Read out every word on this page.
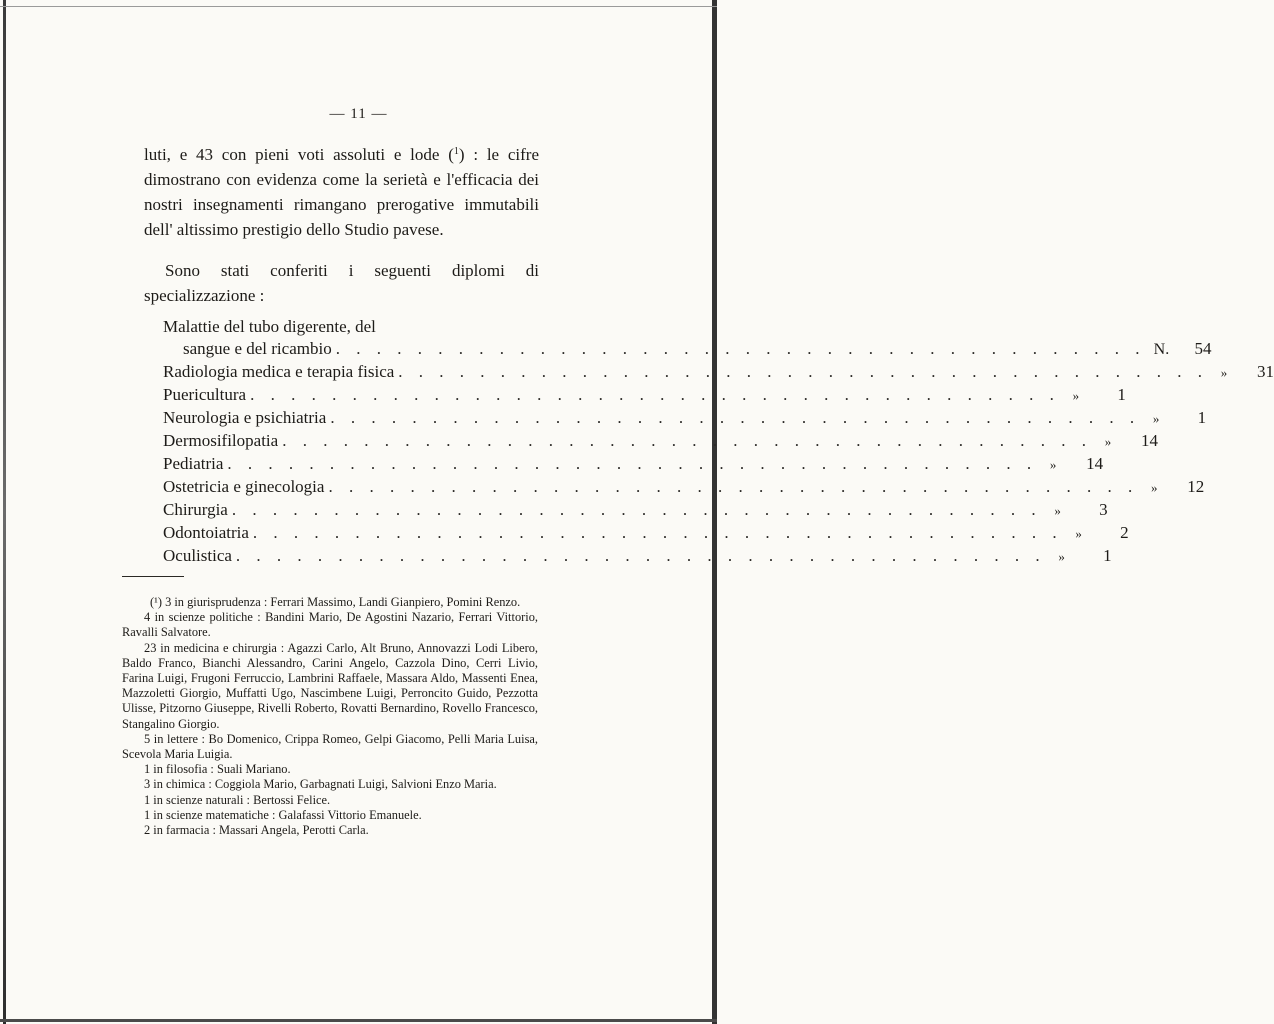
— 11 —

luti, e 43 con pieni voti assoluti e lode ($^1$) : le cifre dimostrano con evidenza come la serietà e l'efficacia dei nostri insegnamenti rimangano prerogative immutabili dell' altissimo prestigio dello Studio pavese.

Sono stati conferiti i seguenti diplomi di specializzazione :

Malattie del tubo digerente, del
sangue e del ricambio . . . . . . . . . . . . . . . . . . . . . . . . . . . . . . . . . . . . . . . . N.	54
Radiologia medica e terapia fisica . . . . . . . . . . . . . . . . . . . . . . . . . . . . . . . . . . . . . . . . »	31
Puericultura . . . . . . . . . . . . . . . . . . . . . . . . . . . . . . . . . . . . . . . . »	1
Neurologia e psichiatria . . . . . . . . . . . . . . . . . . . . . . . . . . . . . . . . . . . . . . . . »	1
Dermosifilopatia . . . . . . . . . . . . . . . . . . . . . . . . . . . . . . . . . . . . . . . . »	14
Pediatria . . . . . . . . . . . . . . . . . . . . . . . . . . . . . . . . . . . . . . . . »	14
Ostetricia e ginecologia . . . . . . . . . . . . . . . . . . . . . . . . . . . . . . . . . . . . . . . . »	12
Chirurgia . . . . . . . . . . . . . . . . . . . . . . . . . . . . . . . . . . . . . . . . »	3
Odontoiatria . . . . . . . . . . . . . . . . . . . . . . . . . . . . . . . . . . . . . . . . »	2
Oculistica . . . . . . . . . . . . . . . . . . . . . . . . . . . . . . . . . . . . . . . . »	1

(¹) 3 in giurisprudenza : Ferrari Massimo, Landi Gianpiero, Pomini Renzo.

4 in scienze politiche : Bandini Mario, De Agostini Nazario, Ferrari Vittorio, Ravalli Salvatore.

23 in medicina e chirurgia : Agazzi Carlo, Alt Bruno, Annovazzi Lodi Libero, Baldo Franco, Bianchi Alessandro, Carini Angelo, Cazzola Dino, Cerri Livio, Farina Luigi, Frugoni Ferruccio, Lambrini Raffaele, Massara Aldo, Massenti Enea, Mazzoletti Giorgio, Muffatti Ugo, Nascimbene Luigi, Perroncito Guido, Pezzotta Ulisse, Pitzorno Giuseppe, Rivelli Roberto, Rovatti Bernardino, Rovello Francesco, Stangalino Giorgio.

5 in lettere : Bo Domenico, Crippa Romeo, Gelpi Giacomo, Pelli Maria Luisa, Scevola Maria Luigia.

1 in filosofia : Suali Mariano.

3 in chimica : Coggiola Mario, Garbagnati Luigi, Salvioni Enzo Maria.

1 in scienze naturali : Bertossi Felice.

1 in scienze matematiche : Galafassi Vittorio Emanuele.

2 in farmacia : Massari Angela, Perotti Carla.
